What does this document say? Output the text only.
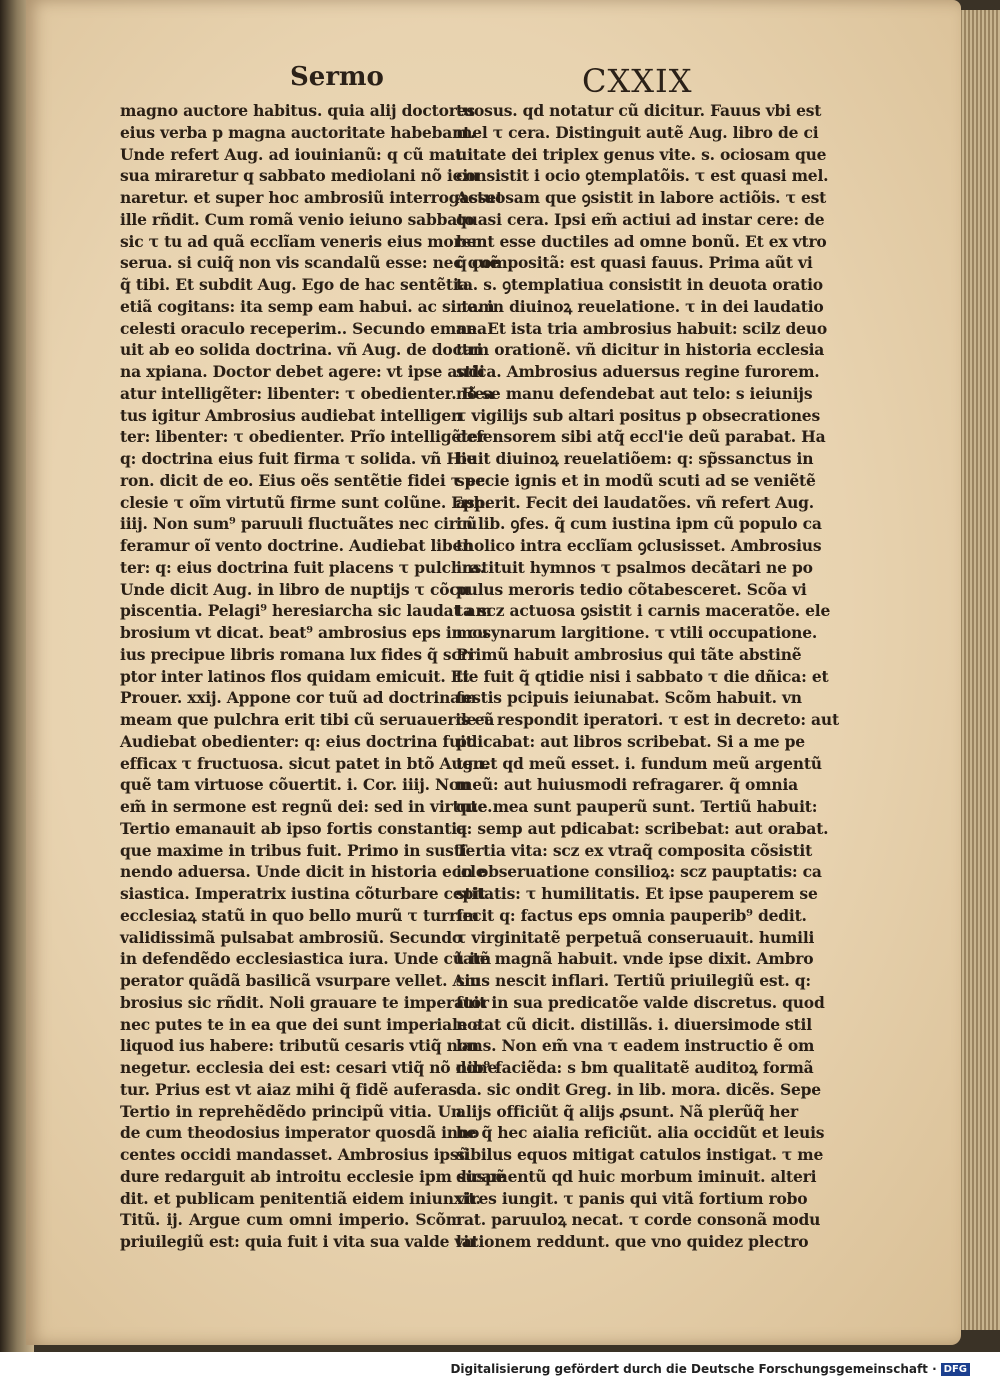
Sermo	CXXIX
magno auctore habitus. quia alij doctores
eius verba p magna auctoritate habebant.
Unde refert Aug. ad iouinianũ: q cũ mat
sua miraretur q sabbato mediolani nõ ieiu
naretur. et super hoc ambrosiũ interrogasset
ille rñdit. Cum romã venio ieiuno sabbato
sic τ tu ad quã ecclĩam veneris eius morem
serua. si cuiq̃ non vis scandalũ esse: nec quẽ
q̃ tibi. Et subdit Aug. Ego de hac sentẽtia
etiã cogitans: ita semp eam habui. ac si tam
celesti oraculo receperim.. Secundo emana
uit ab eo solida doctrina. vñ Aug. de doctri
na xpiana. Doctor debet agere: vt ipse audi
atur intelligẽter: libenter: τ obedienter. Bea
tus igitur Ambrosius audiebat intelligen
ter: libenter: τ obedienter. Prĩo intelligẽter
q: doctrina eius fuit firma τ solida. vñ Hie
ron. dicit de eo. Eius oẽs sentẽtie fidei τ ec
clesie τ oĩm virtutũ firme sunt colũne. Eph.
iiij. Non sum⁹ paruuli fluctuãtes nec circũ
feramur oĩ vento doctrine. Audiebat liben
ter: q: eius doctrina fuit placens τ pulchra.
Unde dicit Aug. in libro de nuptijs τ cõcu
piscentia. Pelagi⁹ heresiarcha sic laudat am
brosium vt dicat. beat⁹ ambrosius eps in cu
ius precipue libris romana lux fides q̃ scri
ptor inter latinos flos quidam emicuit. Et
Prouer. xxij. Appone cor tuũ ad doctrinam
meam que pulchra erit tibi cũ seruaueris eã
Audiebat obedienter: q: eius doctrina fuit
efficax τ fructuosa. sicut patet in btõ Augu.
quẽ tam virtuose cõuertit. i. Cor. iiij. Non
em̃ in sermone est regnũ dei: sed in virtute.
Tertio emanauit ab ipso fortis constantia
que maxime in tribus fuit. Primo in susti
nendo aduersa. Unde dicit in historia eccle
siastica. Imperatrix iustina cõturbare cepit
ecclesiaꝝ statũ in quo bello murũ τ turrim
validissimã pulsabat ambrosiũ. Secundo
in defendẽdo ecclesiastica iura. Unde cũ im
perator quãdã basilicã vsurpare vellet. Am
brosius sic rñdit. Noli grauare te imperator
nec putes te in ea que dei sunt imperiale a
liquod ius habere: tributũ cesaris vtiq̃ non
negetur. ecclesia dei est: cesari vtiq̃ nõ done
tur. Prius est vt aiaz mihi q̃ fidẽ auferas.
Tertio in reprehẽdẽdo principũ vitia. Un
de cum theodosius imperator quosdã inno
centes occidi mandasset. Ambrosius ipsũ
dure redarguit ab introitu ecclesie ipm suspẽ
dit. et publicam penitentiã eidem iniunxit.
Titũ. ij. Argue cum omni imperio. Scõm
priuilegiũ est: quia fuit i vita sua valde vir
tuosus. qd notatur cũ dicitur. Fauus vbi est
mel τ cera. Distinguit autẽ Aug. libro de ci
uitate dei triplex genus vite. s. ociosam que
consistit i ocio ꝯtemplatõis. τ est quasi mel.
Actuosam que ꝯsistit in labore actiõis. τ est
quasi cera. Ipsi em̃ actiui ad instar cere: de
bent esse ductiles ad omne bonũ. Et ex vtro
q̃ compositã: est quasi fauus. Prima aũt vi
ta. s. ꝯtemplatiua consistit in deuota oratio
ne. in diuinoꝝ reuelatione. τ in dei laudatio
ne. Et ista tria ambrosius habuit: scilz deuo
tam orationẽ. vñ dicitur in historia ecclesia
stica. Ambrosius aduersus regine furorem.
nõ se manu defendebat aut telo: s ieiunijs
τ vigilijs sub altari positus p obsecrationes
defensorem sibi atq̃ eccl'ie deũ parabat. Ha
buit diuinoꝝ reuelatiõem: q: sp̃ssanctus in
specie ignis et in modũ scuti ad se veniẽtẽ
asperit. Fecit dei laudatões. vñ refert Aug.
in lib. ꝯfes. q̃ cum iustina ipm cũ populo ca
tholico intra ecclĩam ꝯclusisset. Ambrosius
instituit hymnos τ psalmos decãtari ne po
pulus meroris tedio cõtabesceret. Scõa vi
ta scz actuosa ꝯsistit i carnis maceratõe. ele
mosynarum largitione. τ vtili occupatione.
Primũ habuit ambrosius qui tãte abstinẽ
tie fuit q̃ qtidie nisi i sabbato τ die dñica: et
festis pcipuis ieiunabat. Scõm habuit. vn
de τ respondit iperatori. τ est in decreto: aut
pdicabat: aut libros scribebat. Si a me pe
teret qd meũ esset. i. fundum meũ argentũ
meũ: aut huiusmodi refragarer. q̃ omnia
que mea sunt pauperũ sunt. Tertiũ habuit:
q: semp aut pdicabat: scribebat: aut orabat.
Tertia vita: scz ex vtraq̃ composita cõsistit
in obseruatione consilioꝝ: scz pauptatis: ca
stitatis: τ humilitatis. Et ipse pauperem se
fecit q: factus eps omnia pauperib⁹ dedit.
τ virginitatẽ perpetuã conseruauit. humili
tatẽ magnã habuit. vnde ipse dixit. Ambro
sius nescit inflari. Tertiũ priuilegiũ est. q:
fuit in sua predicatõe valde discretus. quod
notat cũ dicit. distillãs. i. diuersimode stil
lans. Non em̃ vna τ eadem instructio ẽ om
nib⁹ faciẽda: s bm qualitatẽ auditoꝝ formã
da. sic ondit Greg. in lib. mora. dicẽs. Sepe
alijs officiũt q̃ alijs ꝓsunt. Nã plerũq̃ her
be q̃ hec aialia reficiũt. alia occidũt et leuis
sibilus equos mitigat catulos instigat. τ me
dicamentũ qd huic morbum iminuit. alteri
vires iungit. τ panis qui vitã fortium robo
rat. paruuloꝝ necat. τ corde consonã modu
lationem reddunt. que vno quidez plectro
Digitalisierung gefördert durch die Deutsche Forschungsgemeinschaft · DFG
